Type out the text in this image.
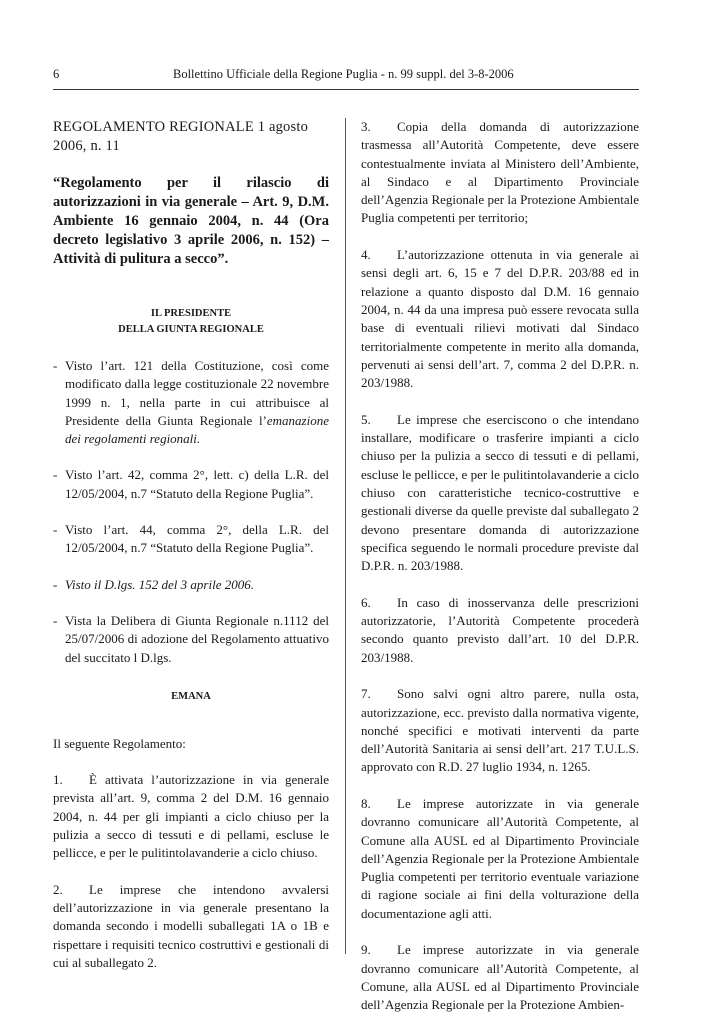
6	Bollettino Ufficiale della Regione Puglia - n. 99 suppl. del 3-8-2006

REGOLAMENTO REGIONALE 1 agosto 2006, n. 11

“Regolamento per il rilascio di autorizzazioni in via generale – Art. 9, D.M. Ambiente 16 gennaio 2004, n. 44 (Ora decreto legislativo 3 aprile 2006, n. 152) – Attività di pulitura a secco”.

IL PRESIDENTE
DELLA GIUNTA REGIONALE

- Visto l’art. 121 della Costituzione, così come modificato dalla legge costituzionale 22 novembre 1999 n. 1, nella parte in cui attribuisce al Presidente della Giunta Regionale l’emanazione dei regolamenti regionali.
- Visto l’art. 42, comma 2°, lett. c) della L.R. del 12/05/2004, n.7 “Statuto della Regione Puglia”.
- Visto l’art. 44, comma 2°, della L.R. del 12/05/2004, n.7 “Statuto della Regione Puglia”.
- Visto il D.lgs. 152 del 3 aprile 2006.
- Vista la Delibera di Giunta Regionale n.1112 del 25/07/2006 di adozione del Regolamento attuativo del succitato l D.lgs.

EMANA

Il seguente Regolamento:

1. È attivata l’autorizzazione in via generale prevista all’art. 9, comma 2 del D.M. 16 gennaio 2004, n. 44 per gli impianti a ciclo chiuso per la pulizia a secco di tessuti e di pellami, escluse le pellicce, e per le pulitintolavanderie a ciclo chiuso.

2. Le imprese che intendono avvalersi dell’autorizzazione in via generale presentano la domanda secondo i modelli suballegati 1A o 1B e rispettare i requisiti tecnico costruttivi e gestionali di cui al suballegato 2.

3. Copia della domanda di autorizzazione trasmessa all’Autorità Competente, deve essere contestualmente inviata al Ministero dell’Ambiente, al Sindaco e al Dipartimento Provinciale dell’Agenzia Regionale per la Protezione Ambientale Puglia competenti per territorio;

4. L’autorizzazione ottenuta in via generale ai sensi degli art. 6, 15 e 7 del D.P.R. 203/88 ed in relazione a quanto disposto dal D.M. 16 gennaio 2004, n. 44 da una impresa può essere revocata sulla base di eventuali rilievi motivati dal Sindaco territorialmente competente in merito alla domanda, pervenuti ai sensi dell’art. 7, comma 2 del D.P.R. n. 203/1988.

5. Le imprese che eserciscono o che intendano installare, modificare o trasferire impianti a ciclo chiuso per la pulizia a secco di tessuti e di pellami, escluse le pellicce, e per le pulitintolavanderie a ciclo chiuso con caratteristiche tecnico-costruttive e gestionali diverse da quelle previste dal suballegato 2 devono presentare domanda di autorizzazione specifica seguendo le normali procedure previste dal D.P.R. n. 203/1988.

6. In caso di inosservanza delle prescrizioni autorizzatorie, l’Autorità Competente procederà secondo quanto previsto dall’art. 10 del D.P.R. 203/1988.

7. Sono salvi ogni altro parere, nulla osta, autorizzazione, ecc. previsto dalla normativa vigente, nonché specifici e motivati interventi da parte dell’Autorità Sanitaria ai sensi dell’art. 217 T.U.L.S. approvato con R.D. 27 luglio 1934, n. 1265.

8. Le imprese autorizzate in via generale dovranno comunicare all’Autorità Competente, al Comune alla AUSL ed al Dipartimento Provinciale dell’Agenzia Regionale per la Protezione Ambientale Puglia competenti per territorio eventuale variazione di ragione sociale ai fini della volturazione della documentazione agli atti.

9. Le imprese autorizzate in via generale dovranno comunicare all’Autorità Competente, al Comune, alla AUSL ed al Dipartimento Provinciale dell’Agenzia Regionale per la Protezione Ambien-
